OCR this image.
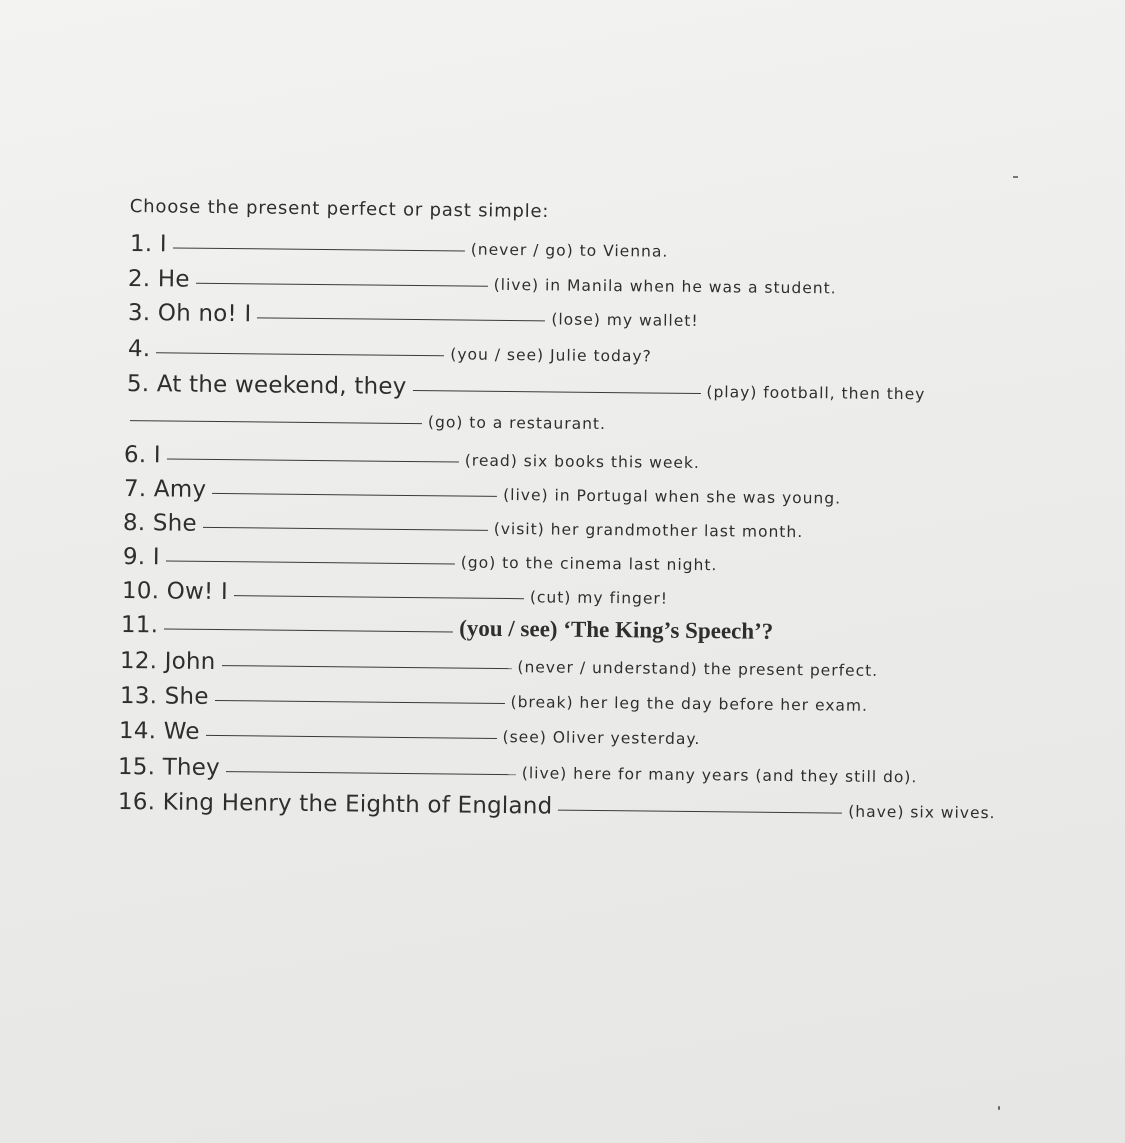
Choose the present perfect or past simple:
1. I	(never / go) to Vienna.
2. He	(live) in Manila when he was a student.
3. Oh no! I	(lose) my wallet!
4.	(you / see) Julie today?
5. At the weekend, they	(play) football, then they
(go) to a restaurant.
6. I	(read) six books this week.
7. Amy	(live) in Portugal when she was young.
8. She	(visit) her grandmother last month.
9. I	(go) to the cinema last night.
10. Ow! I	(cut) my finger!
11.	(you / see) ‘The King’s Speech’?
12. John	(never / understand) the present perfect.
13. She	(break) her leg the day before her exam.
14. We	(see) Oliver yesterday.
15. They	(live) here for many years (and they still do).
16. King Henry the Eighth of England	(have) six wives.
